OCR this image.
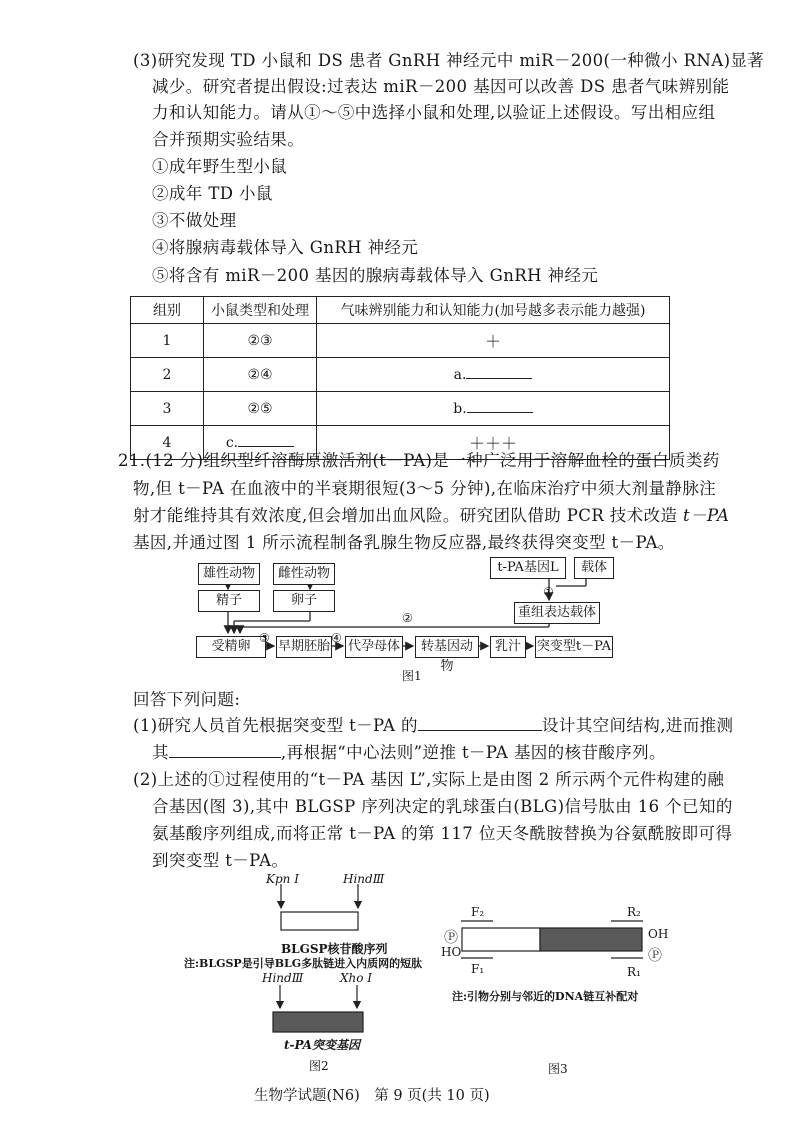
(3)研究发现 TD 小鼠和 DS 患者 GnRH 神经元中 miR－200(一种微小 RNA)显著
减少。研究者提出假设:过表达 miR－200 基因可以改善 DS 患者气味辨别能
力和认知能力。请从①～⑤中选择小鼠和处理,以验证上述假设。写出相应组
合并预期实验结果。
①成年野生型小鼠
②成年 TD 小鼠
③不做处理
④将腺病毒载体导入 GnRH 神经元
⑤将含有 miR－200 基因的腺病毒载体导入 GnRH 神经元
组别	小鼠类型和处理	气味辨别能力和认知能力(加号越多表示能力越强)
1	②③	＋
2	②④	a.
3	②⑤	b.
4	c.	＋＋＋
21.(12 分)组织型纤溶酶原激活剂(t－PA)是一种广泛用于溶解血栓的蛋白质类药
物,但 t－PA 在血液中的半衰期很短(3～5 分钟),在临床治疗中须大剂量静脉注
射才能维持其有效浓度,但会增加出血风险。研究团队借助 PCR 技术改造 t－PA
基因,并通过图 1 所示流程制备乳腺生物反应器,最终获得突变型 t－PA。
雄性动物	雌性动物	t-PA基因L	载体
①
精子	卵子
重组表达载体
②
受精卵
③
早期胚胎
④
代孕母体	转基因动物
乳汁	突变型t－PA
图1
回答下列问题:
(1)研究人员首先根据突变型 t－PA 的	设计其空间结构,进而推测
其	,再根据“中心法则”逆推 t－PA 基因的核苷酸序列。
(2)上述的①过程使用的“t－PA 基因 L”,实际上是由图 2 所示两个元件构建的融
合基因(图 3),其中 BLGSP 序列决定的乳球蛋白(BLG)信号肽由 16 个已知的
氨基酸序列组成,而将正常 t－PA 的第 117 位天冬酰胺替换为谷氨酰胺即可得
到突变型 t－PA。
Kpn Ⅰ	HindⅢ
BLGSP核苷酸序列
注:BLGSP是引导BLG多肽链进入内质网的短肽
HindⅢ	Xho Ⅰ
t-PA突变基因
图2
F₂	R₂
Ⓟ	OH
HO	Ⓟ
F₁	R₁
注:引物分别与邻近的DNA链互补配对
图3
生物学试题(N6)　第 9 页(共 10 页)
